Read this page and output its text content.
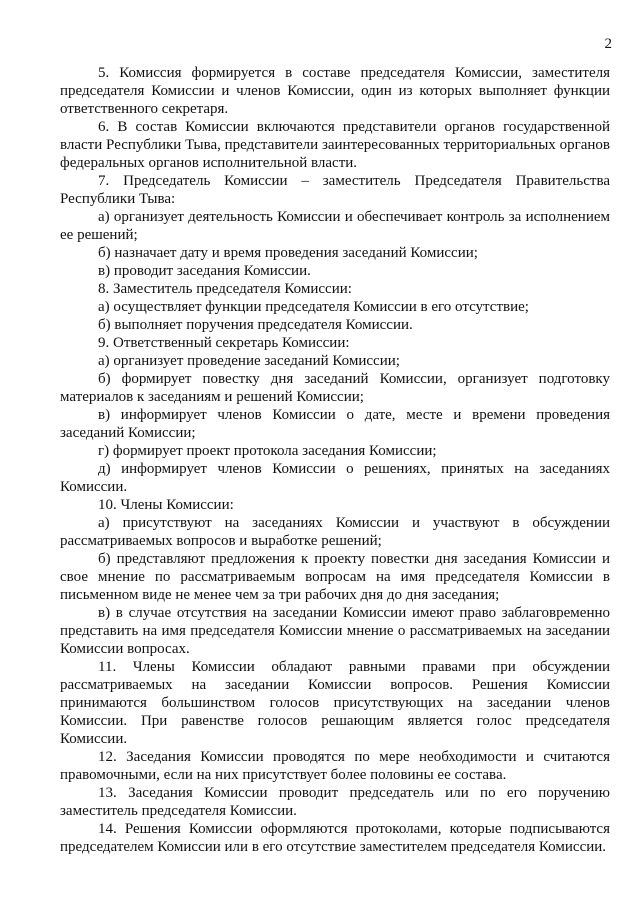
2

5. Комиссия формируется в составе председателя Комиссии, заместителя председателя Комиссии и членов Комиссии, один из которых выполняет функции ответственного секретаря.

6. В состав Комиссии включаются представители органов государственной власти Республики Тыва, представители заинтересованных территориальных органов федеральных органов исполнительной власти.

7. Председатель Комиссии – заместитель Председателя Правительства Республики Тыва:

а) организует деятельность Комиссии и обеспечивает контроль за исполнением ее решений;

б) назначает дату и время проведения заседаний Комиссии;

в) проводит заседания Комиссии.

8. Заместитель председателя Комиссии:

а) осуществляет функции председателя Комиссии в его отсутствие;

б) выполняет поручения председателя Комиссии.

9. Ответственный секретарь Комиссии:

а) организует проведение заседаний Комиссии;

б) формирует повестку дня заседаний Комиссии, организует подготовку материалов к заседаниям и решений Комиссии;

в) информирует членов Комиссии о дате, месте и времени проведения заседаний Комиссии;

г) формирует проект протокола заседания Комиссии;

д) информирует членов Комиссии о решениях, принятых на заседаниях Комиссии.

10. Члены Комиссии:

а) присутствуют на заседаниях Комиссии и участвуют в обсуждении рассматриваемых вопросов и выработке решений;

б) представляют предложения к проекту повестки дня заседания Комиссии и свое мнение по рассматриваемым вопросам на имя председателя Комиссии в письменном виде не менее чем за три рабочих дня до дня заседания;

в) в случае отсутствия на заседании Комиссии имеют право заблаговременно представить на имя председателя Комиссии мнение о рассматриваемых на заседании Комиссии вопросах.

11. Члены Комиссии обладают равными правами при обсуждении рассматриваемых на заседании Комиссии вопросов. Решения Комиссии принимаются большинством голосов присутствующих на заседании членов Комиссии. При равенстве голосов решающим является голос председателя Комиссии.

12. Заседания Комиссии проводятся по мере необходимости и считаются правомочными, если на них присутствует более половины ее состава.

13. Заседания Комиссии проводит председатель или по его поручению заместитель председателя Комиссии.

14. Решения Комиссии оформляются протоколами, которые подписываются председателем Комиссии или в его отсутствие заместителем председателя Комиссии.
